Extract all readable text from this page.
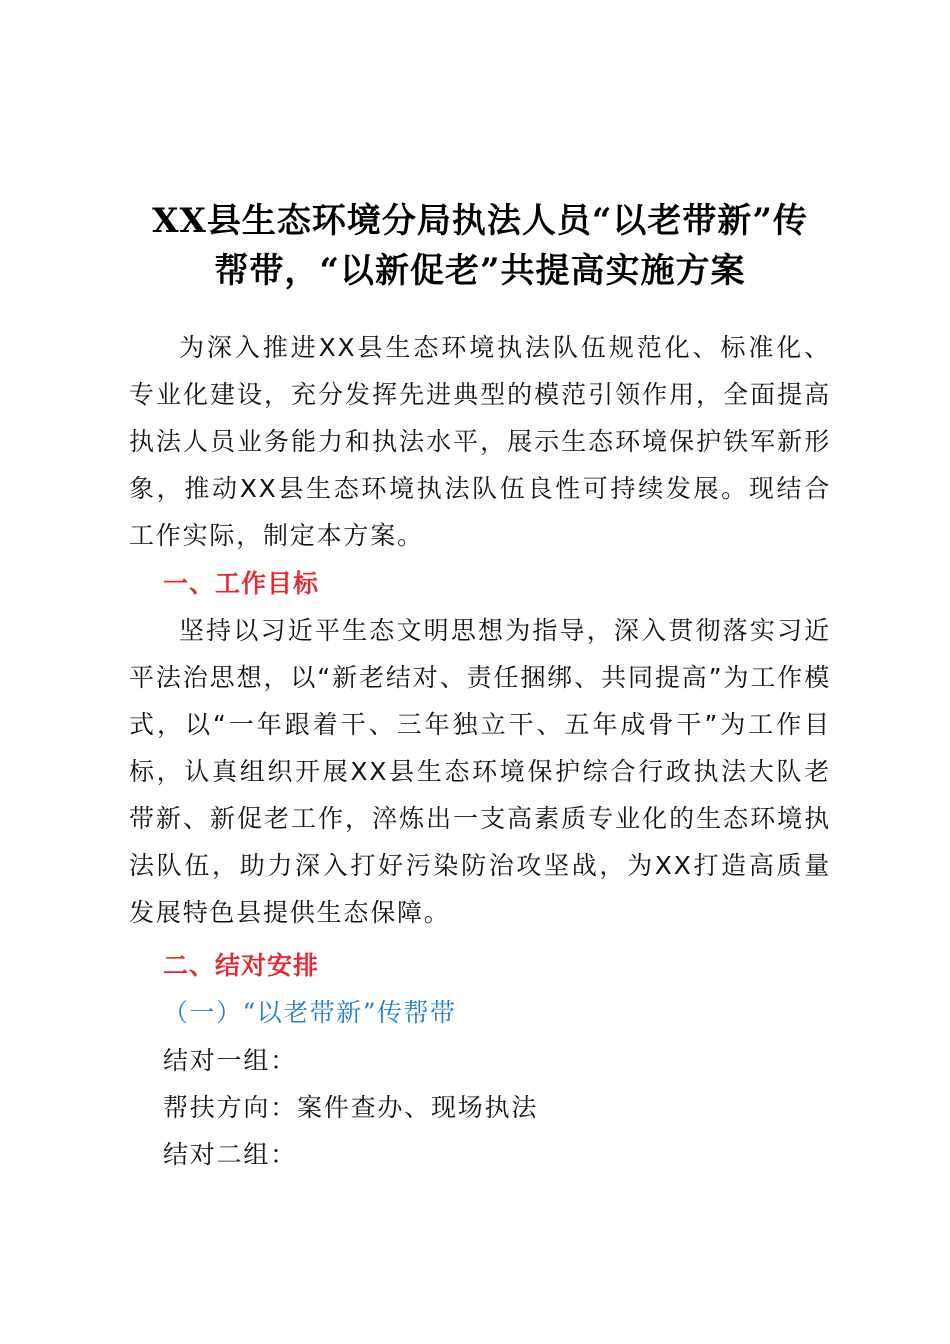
XX县生态环境分局执法人员“以老带新”传
帮带，“以新促老”共提高实施方案

为深入推进XX县生态环境执法队伍规范化、标准化、专业化建设，充分发挥先进典型的模范引领作用，全面提高执法人员业务能力和执法水平，展示生态环境保护铁军新形象，推动XX县生态环境执法队伍良性可持续发展。现结合工作实际，制定本方案。

一、工作目标

坚持以习近平生态文明思想为指导，深入贯彻落实习近平法治思想，以“新老结对、责任捆绑、共同提高”为工作模式，以“一年跟着干、三年独立干、五年成骨干”为工作目标，认真组织开展XX县生态环境保护综合行政执法大队老带新、新促老工作，淬炼出一支高素质专业化的生态环境执法队伍，助力深入打好污染防治攻坚战，为XX打造高质量发展特色县提供生态保障。

二、结对安排
（一）“以老带新”传帮带
结对一组：
帮扶方向：案件查办、现场执法
结对二组：
